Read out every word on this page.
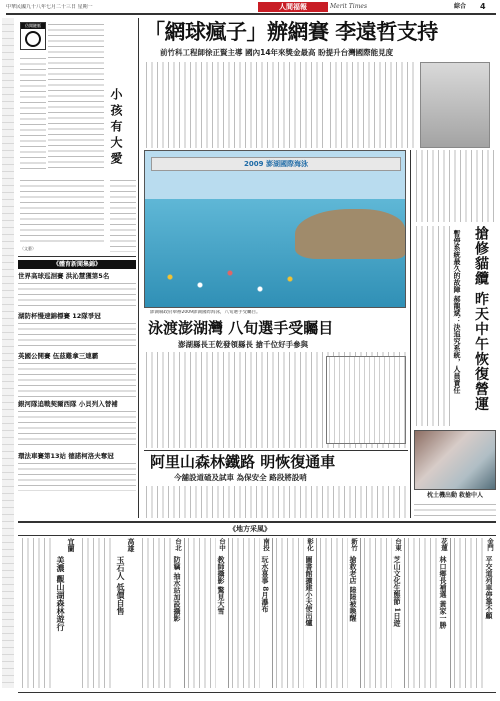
中華民國九十八年七月二十三日 星期一	人間福報	Merit Times	綜合 4
仿聞鏈脈
小孩有大愛
（文藝）
《體育新聞集錦》
世界高球巡洄賽 洪沁慧獲第5名
湖防杯慢速錦標賽 12隊爭冠
英國公開賽 伍茲難拿三連霸
銀河隊追戰契爾西隊 小貝列入替補
環法車賽第13站 德諾柯洛夫奪冠
「網球瘋子」辦網賽 李遠哲支持
前竹科工程師徐正賢主導 國內14年來獎金最高 盼提升台灣國際能見度
2009 澎湖國際海泳
澎湖縣政府舉辦2009澎湖國際海泳，八旬選手受矚目。
泳渡澎湖灣 八旬選手受矚目
澎湖縣長王乾發領縣長 搶千位好手參與
阿里山森林鐵路 明恢復通車
今舖設道碴及試車 為保安全 路段將設哨
搶修貓纜 昨天中午恢復營運
暫停系統最久的故障 郝龍斌：決追究系統，人員責任
枕土機出動 救搶中人
《地方采風》
高雄
玉石人 低價自售
宜蘭
美濃 觀山湖森林遊行
台北
防竊 抽水站加設攝影
台中
教師攝影 驚見大雪
南投
玩水喜事 8月瀑布
彰化
圖書館擴建小天使出爐
新竹
搶救老店 陸陸被喚醒
台東
芝山文化生態節 1日遊
花蓮
林口鄉長補選 黃家一勝
金門
平交道列車停靠不顧
